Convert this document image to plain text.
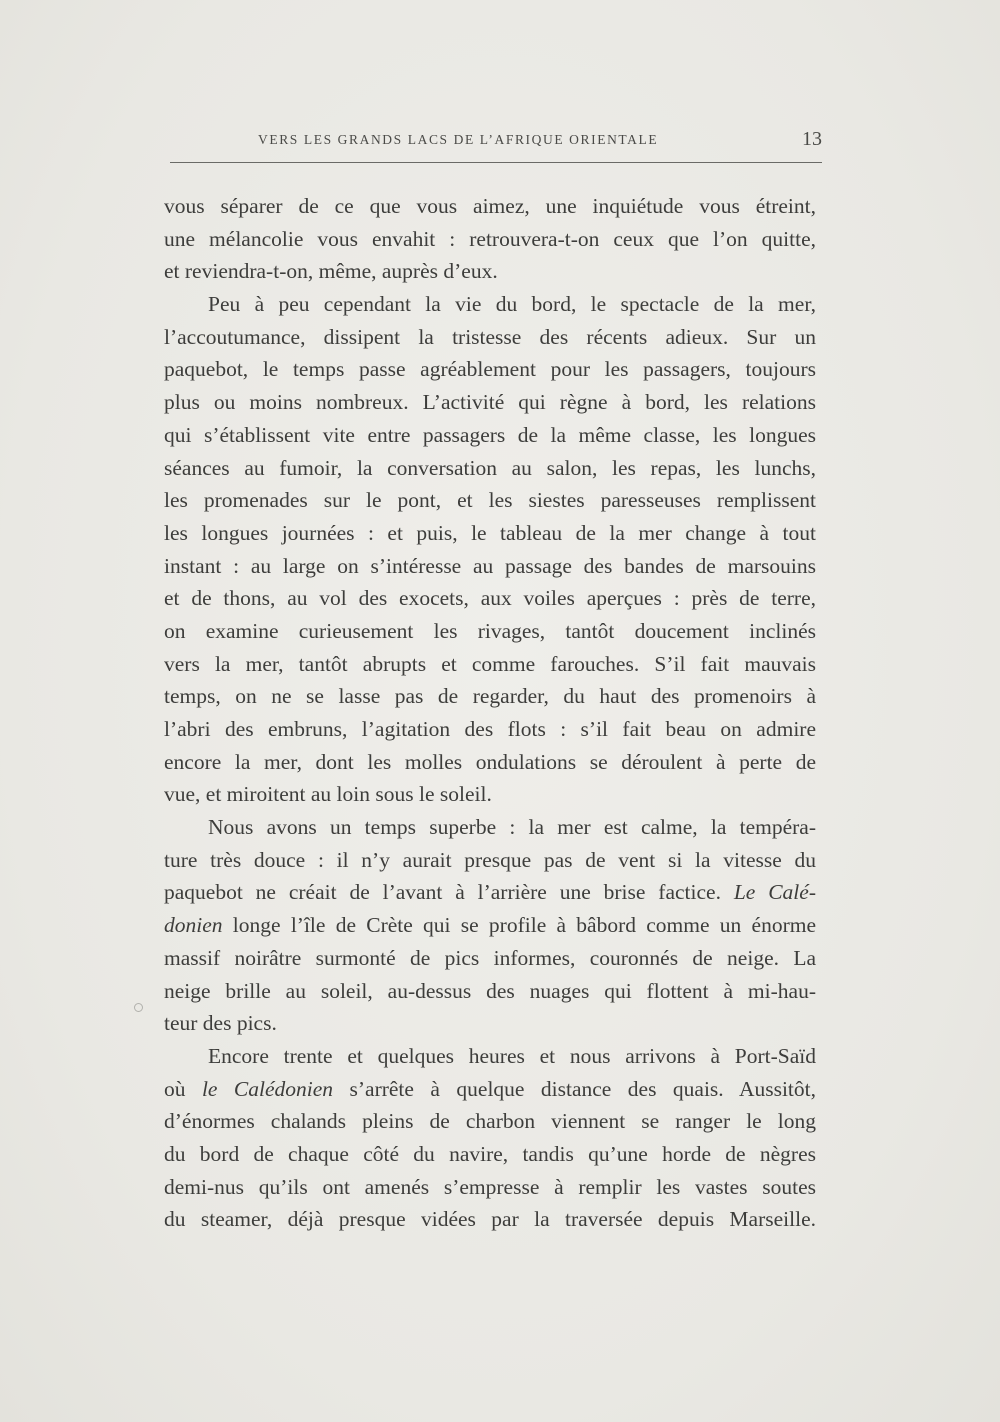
VERS LES GRANDS LACS DE L’AFRIQUE ORIENTALE	13
vous séparer de ce que vous aimez, une inquiétude vous étreint,
une mélancolie vous envahit : retrouvera-t-on ceux que l’on quitte,
et reviendra-t-on, même, auprès d’eux.
Peu à peu cependant la vie du bord, le spectacle de la mer,
l’accoutumance, dissipent la tristesse des récents adieux. Sur un
paquebot, le temps passe agréablement pour les passagers, toujours
plus ou moins nombreux. L’activité qui règne à bord, les relations
qui s’établissent vite entre passagers de la même classe, les longues
séances au fumoir, la conversation au salon, les repas, les lunchs,
les promenades sur le pont, et les siestes paresseuses remplissent
les longues journées : et puis, le tableau de la mer change à tout
instant : au large on s’intéresse au passage des bandes de marsouins
et de thons, au vol des exocets, aux voiles aperçues : près de terre,
on examine curieusement les rivages, tantôt doucement inclinés
vers la mer, tantôt abrupts et comme farouches. S’il fait mauvais
temps, on ne se lasse pas de regarder, du haut des promenoirs à
l’abri des embruns, l’agitation des flots : s’il fait beau on admire
encore la mer, dont les molles ondulations se déroulent à perte de
vue, et miroitent au loin sous le soleil.
Nous avons un temps superbe : la mer est calme, la tempéra-
ture très douce : il n’y aurait presque pas de vent si la vitesse du
paquebot ne créait de l’avant à l’arrière une brise factice. Le Calé-
donien longe l’île de Crète qui se profile à bâbord comme un énorme
massif noirâtre surmonté de pics informes, couronnés de neige. La
neige brille au soleil, au-dessus des nuages qui flottent à mi-hau-
teur des pics.
Encore trente et quelques heures et nous arrivons à Port-Saïd
où le Calédonien s’arrête à quelque distance des quais. Aussitôt,
d’énormes chalands pleins de charbon viennent se ranger le long
du bord de chaque côté du navire, tandis qu’une horde de nègres
demi-nus qu’ils ont amenés s’empresse à remplir les vastes soutes
du steamer, déjà presque vidées par la traversée depuis Marseille.
